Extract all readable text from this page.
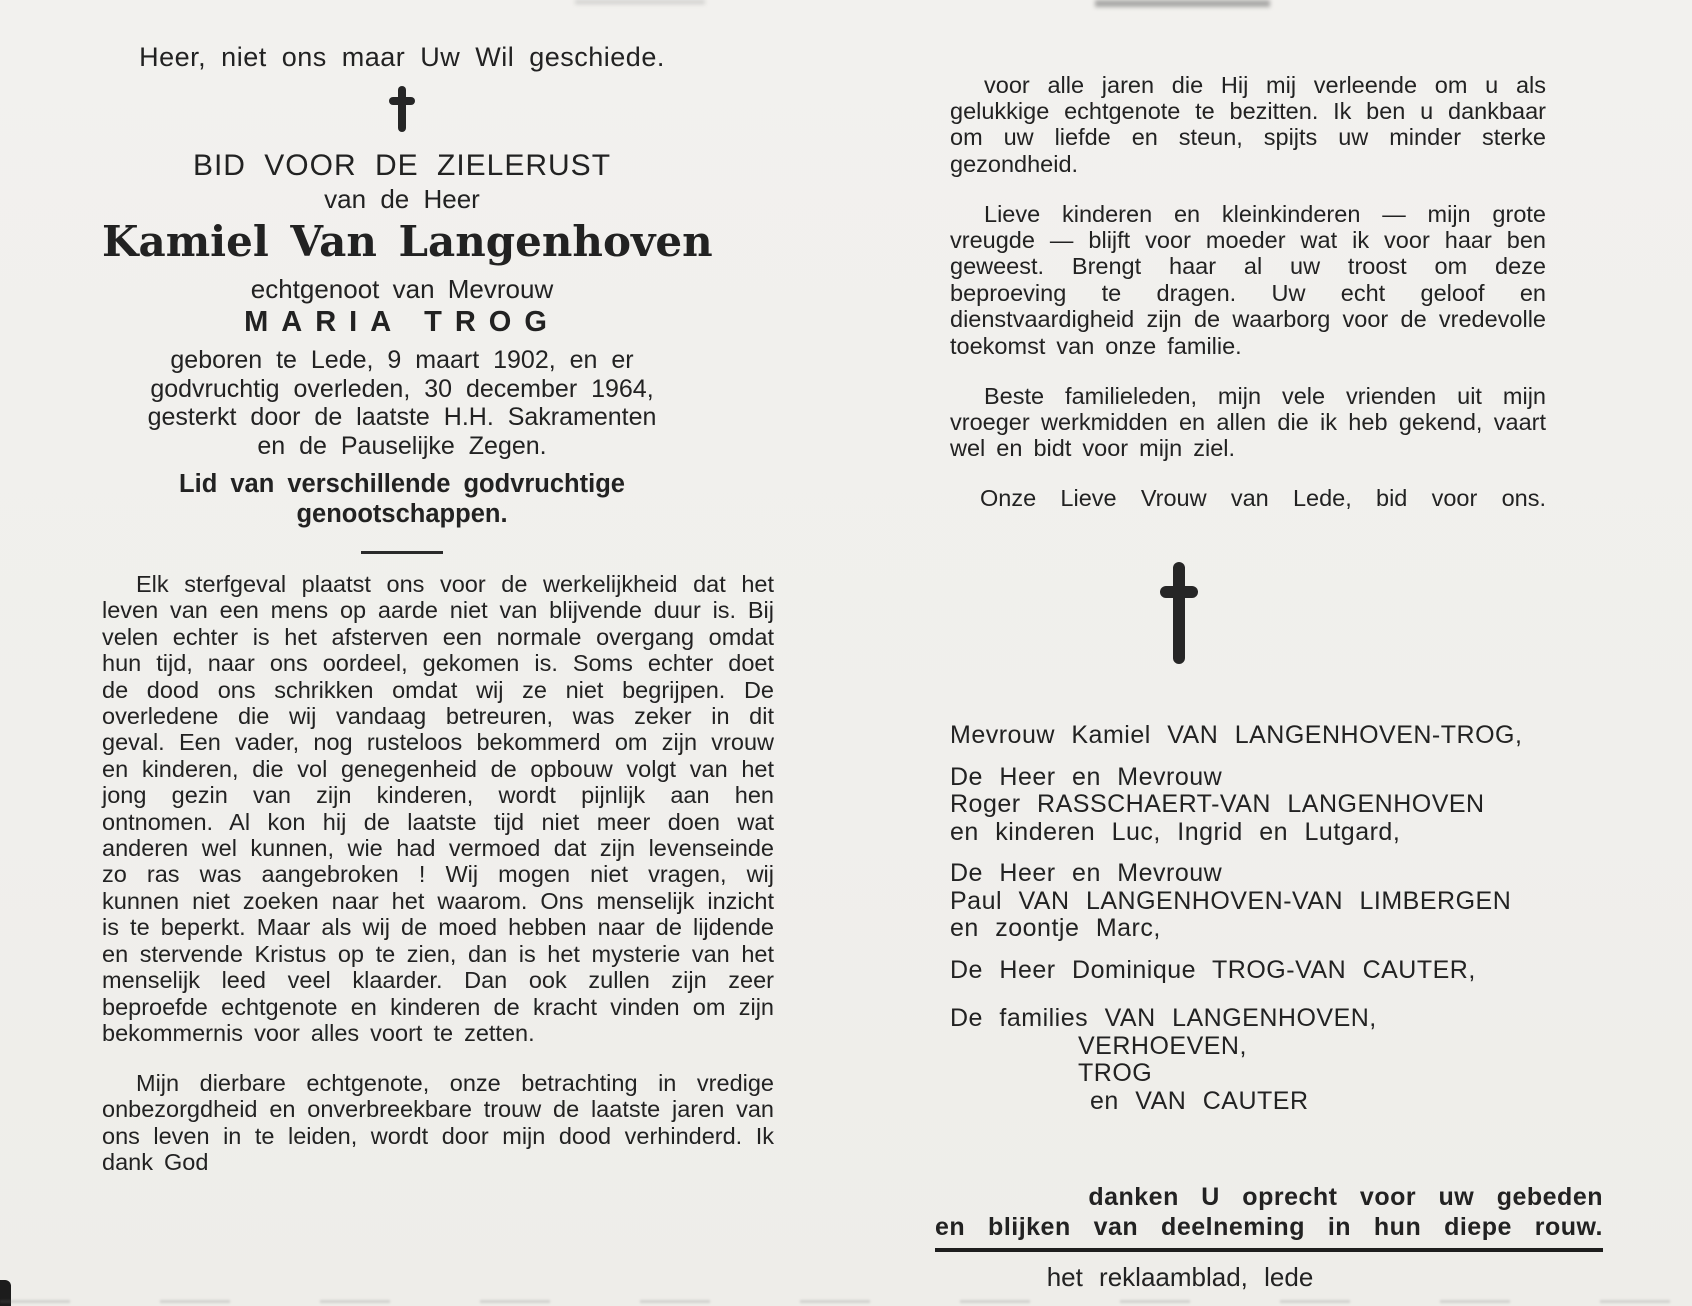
Heer, niet ons maar Uw Wil geschiede.
BID VOOR DE ZIELERUST
van de Heer
Kamiel Van Langenhoven
echtgenoot van Mevrouw
MARIA TROG
geboren te Lede, 9 maart 1902, en er
godvruchtig overleden, 30 december 1964,
gesterkt door de laatste H.H. Sakramenten
en de Pauselijke Zegen.
Lid van verschillende godvruchtige
genootschappen.

Elk sterfgeval plaatst ons voor de werkelijkheid dat het leven van een mens op aarde niet van blijvende duur is. Bij velen echter is het afsterven een normale overgang omdat hun tijd, naar ons oordeel, gekomen is. Soms echter doet de dood ons schrikken omdat wij ze niet begrijpen. De overledene die wij vandaag betreuren, was zeker in dit geval. Een vader, nog rusteloos bekommerd om zijn vrouw en kinderen, die vol genegenheid de opbouw volgt van het jong gezin van zijn kinderen, wordt pijnlijk aan hen ontnomen. Al kon hij de laatste tijd niet meer doen wat anderen wel kunnen, wie had vermoed dat zijn levenseinde zo ras was aangebroken ! Wij mogen niet vragen, wij kunnen niet zoeken naar het waarom. Ons menselijk inzicht is te beperkt. Maar als wij de moed hebben naar de lijdende en stervende Kristus op te zien, dan is het mysterie van het menselijk leed veel klaarder. Dan ook zullen zijn zeer beproefde echtgenote en kinderen de kracht vinden om zijn bekommernis voor alles voort te zetten.

Mijn dierbare echtgenote, onze betrachting in vredige onbezorgdheid en onverbreekbare trouw de laatste jaren van ons leven in te leiden, wordt door mijn dood verhinderd. Ik dank God

voor alle jaren die Hij mij verleende om u als gelukkige echtgenote te bezitten. Ik ben u dankbaar om uw liefde en steun, spijts uw minder sterke gezondheid.

Lieve kinderen en kleinkinderen — mijn grote vreugde — blijft voor moeder wat ik voor haar ben geweest. Brengt haar al uw troost om deze beproeving te dragen. Uw echt geloof en dienstvaardigheid zijn de waarborg voor de vredevolle toekomst van onze familie.

Beste familieleden, mijn vele vrienden uit mijn vroeger werkmidden en allen die ik heb gekend, vaart wel en bidt voor mijn ziel.

Onze Lieve Vrouw van Lede, bid voor ons.
Mevrouw Kamiel VAN LANGENHOVEN-TROG,
De Heer en Mevrouw
Roger RASSCHAERT-VAN LANGENHOVEN
en kinderen Luc, Ingrid en Lutgard,
De Heer en Mevrouw
Paul VAN LANGENHOVEN-VAN LIMBERGEN
en zoontje Marc,
De Heer Dominique TROG-VAN CAUTER,
De families VAN LANGENHOVEN,
VERHOEVEN,
TROG
en VAN CAUTER
danken U oprecht voor uw gebeden
en blijken van deelneming in hun diepe rouw.
het reklaamblad, lede
